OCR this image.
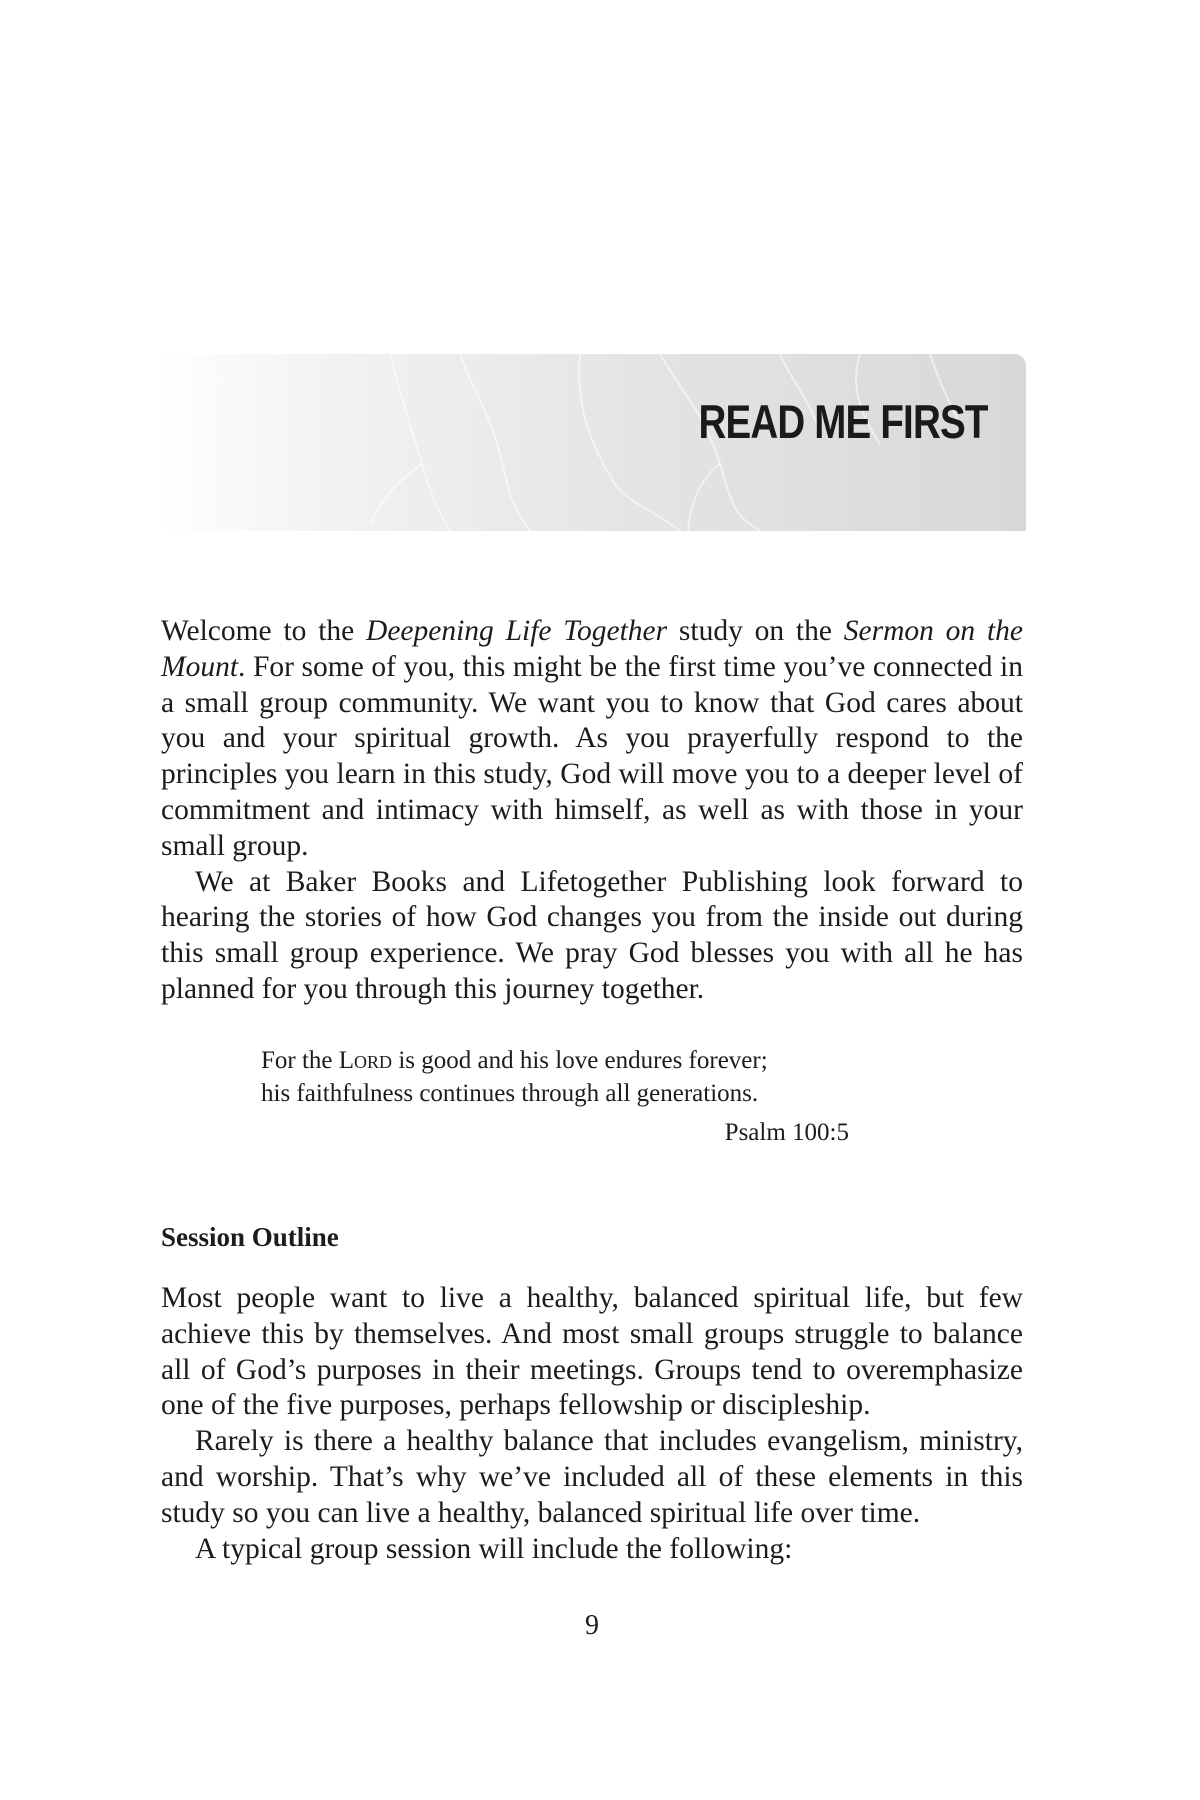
READ ME FIRST

Welcome to the Deepening Life Together study on the Sermon on the Mount. For some of you, this might be the first time you’ve connected in a small group community. We want you to know that God cares about you and your spiritual growth. As you prayerfully respond to the principles you learn in this study, God will move you to a deeper level of commitment and intimacy with himself, as well as with those in your small group.

We at Baker Books and Lifetogether Publishing look forward to hearing the stories of how God changes you from the inside out during this small group experience. We pray God blesses you with all he has planned for you through this journey together.

For the Lord is good and his love endures forever;
his faithfulness continues through all generations.
Psalm 100:5
Session Outline

Most people want to live a healthy, balanced spiritual life, but few achieve this by themselves. And most small groups struggle to balance all of God’s purposes in their meetings. Groups tend to overemphasize one of the five purposes, perhaps fellowship or discipleship.

Rarely is there a healthy balance that includes evangelism, ministry, and worship. That’s why we’ve included all of these elements in this study so you can live a healthy, balanced spiritual life over time.

A typical group session will include the following:

9
